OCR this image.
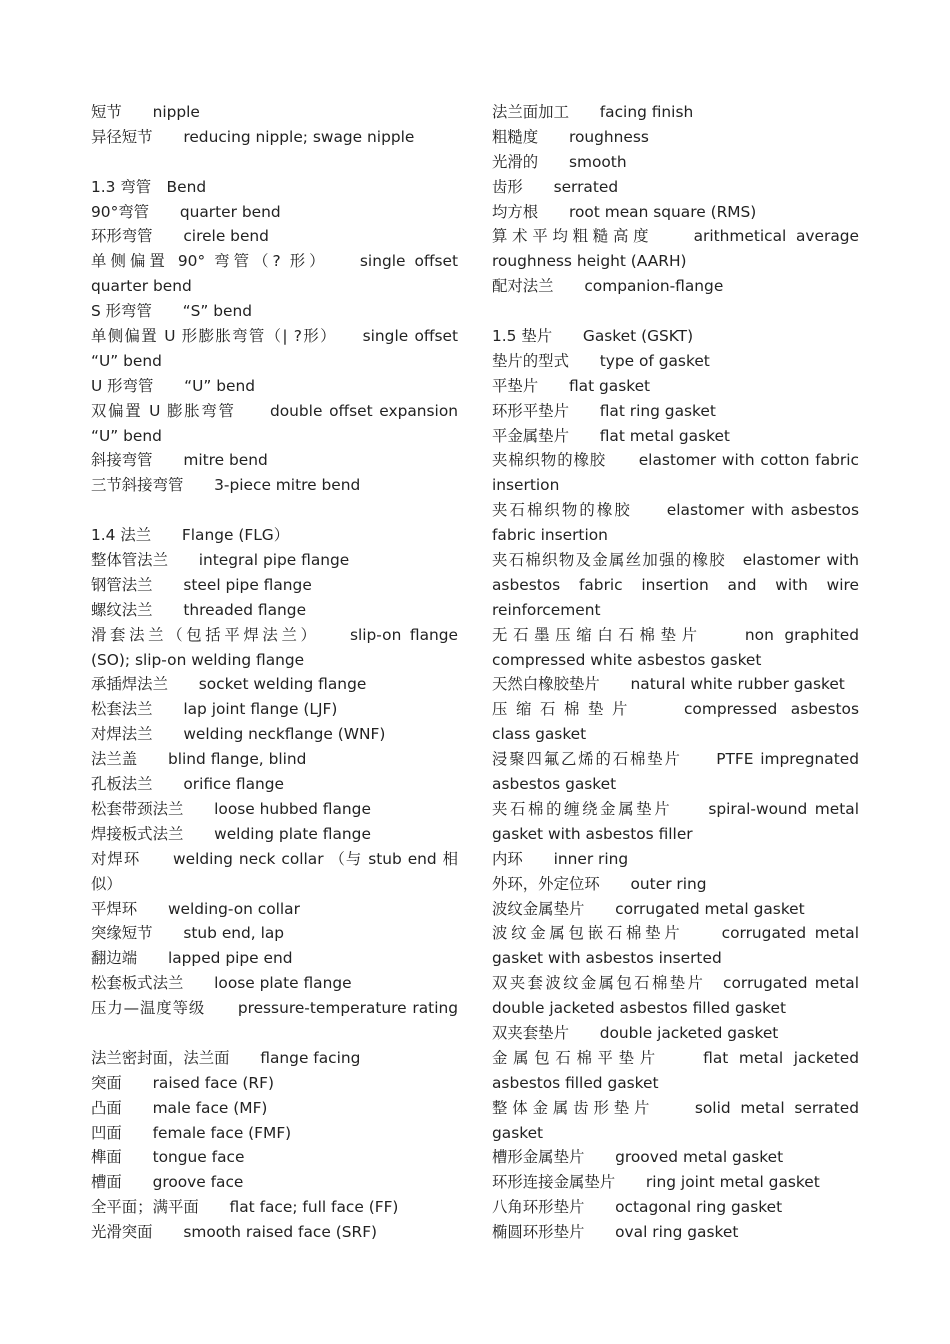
短节　　nipple
异径短节　　reducing nipple; swage nipple
1.3 弯管　Bend
90°弯管　　quarter bend
环形弯管　　cirele bend
单侧偏置 90° 弯管（? 形）　　single offset
quarter bend
S 形弯管　　“S” bend
单侧偏置 U 形膨胀弯管（| ?形）　　single offset
“U” bend
U 形弯管　　“U” bend
双偏置 U 膨胀弯管　　double offset expansion
“U” bend
斜接弯管　　mitre bend
三节斜接弯管　　3-piece mitre bend
1.4 法兰　　Flange (FLG）
整体管法兰　　integral pipe flange
钢管法兰　　steel pipe flange
螺纹法兰　　threaded flange
滑套法兰（包括平焊法兰）　　slip-on flange
(SO); slip-on welding flange
承插焊法兰　　socket welding flange
松套法兰　　lap joint flange (LJF)
对焊法兰　　welding neckflange (WNF)
法兰盖　　blind flange, blind
孔板法兰　　orifice flange
松套带颈法兰　　loose hubbed flange
焊接板式法兰　　welding plate flange
对焊环　　welding neck collar （与 stub end 相
似）
平焊环　　welding-on collar
突缘短节　　stub end, lap
翻边端　　lapped pipe end
松套板式法兰　　loose plate flange
压力—温度等级　　pressure-temperature rating
法兰密封面，法兰面　　flange facing
突面　　raised face (RF)
凸面　　male face (MF)
凹面　　female face (FMF)
榫面　　tongue face
槽面　　groove face
全平面；满平面　　flat face; full face (FF)
光滑突面　　smooth raised face (SRF)
法兰面加工　　facing finish
粗糙度　　roughness
光滑的　　smooth
齿形　　serrated
均方根　　root mean square (RMS)
算术平均粗糙高度　　arithmetical average
roughness height (AARH)
配对法兰　　companion-flange
1.5 垫片　　Gasket (GSKT)
垫片的型式　　type of gasket
平垫片　　flat gasket
环形平垫片　　flat ring gasket
平金属垫片　　flat metal gasket
夹棉织物的橡胶　　elastomer with cotton fabric
insertion
夹石棉织物的橡胶　　elastomer with asbestos
fabric insertion
夹石棉织物及金属丝加强的橡胶　elastomer with
asbestos　fabric　insertion　and　with　wire
reinforcement
无石墨压缩白石棉垫片　　non graphited
compressed white asbestos gasket
天然白橡胶垫片　　natural white rubber gasket
压缩石棉垫片　　compressed asbestos
class gasket
浸聚四氟乙烯的石棉垫片　　PTFE impregnated
asbestos gasket
夹石棉的缠绕金属垫片　　spiral-wound metal
gasket with asbestos filler
内环　　inner ring
外环，外定位环　　outer ring
波纹金属垫片　　corrugated metal gasket
波纹金属包嵌石棉垫片　　corrugated metal
gasket with asbestos inserted
双夹套波纹金属包石棉垫片　corrugated metal
double jacketed asbestos filled gasket
双夹套垫片　　double jacketed gasket
金属包石棉平垫片　　flat metal jacketed
asbestos filled gasket
整体金属齿形垫片　　solid metal serrated
gasket
槽形金属垫片　　grooved metal gasket
环形连接金属垫片　　ring joint metal gasket
八角环形垫片　　octagonal ring gasket
椭圆环形垫片　　oval ring gasket
